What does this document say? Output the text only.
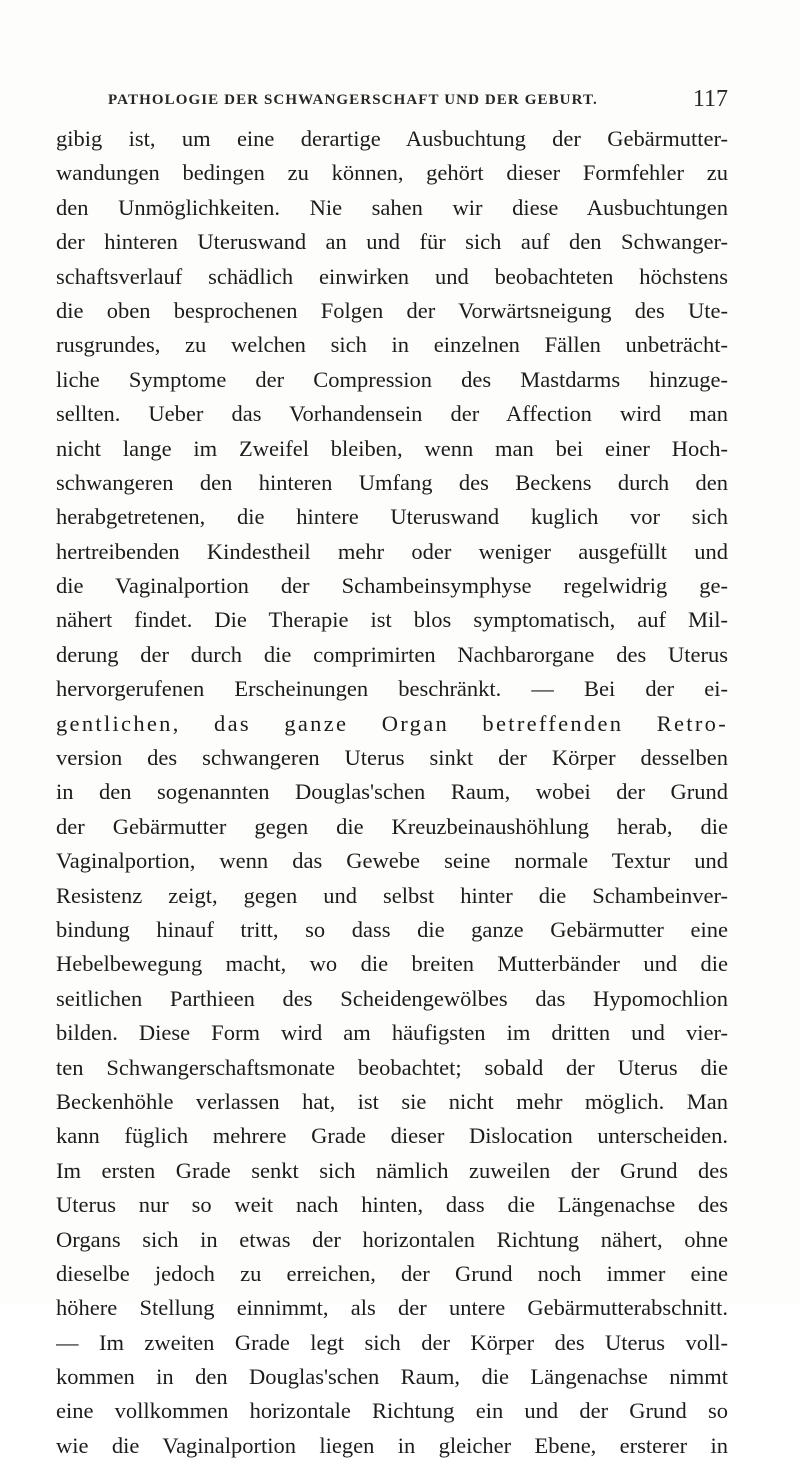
PATHOLOGIE DER SCHWANGERSCHAFT UND DER GEBURT.	117
gibig ist, um eine derartige Ausbuchtung der Gebärmutter-
wandungen bedingen zu können, gehört dieser Formfehler zu
den Unmöglichkeiten. Nie sahen wir diese Ausbuchtungen
der hinteren Uteruswand an und für sich auf den Schwanger-
schaftsverlauf schädlich einwirken und beobachteten höchstens
die oben besprochenen Folgen der Vorwärtsneigung des Ute-
rusgrundes, zu welchen sich in einzelnen Fällen unbeträcht-
liche Symptome der Compression des Mastdarms hinzuge-
sellten. Ueber das Vorhandensein der Affection wird man
nicht lange im Zweifel bleiben, wenn man bei einer Hoch-
schwangeren den hinteren Umfang des Beckens durch den
herabgetretenen, die hintere Uteruswand kuglich vor sich
hertreibenden Kindestheil mehr oder weniger ausgefüllt und
die Vaginalportion der Schambeinsymphyse regelwidrig ge-
nähert findet. Die Therapie ist blos symptomatisch, auf Mil-
derung der durch die comprimirten Nachbarorgane des Uterus
hervorgerufenen Erscheinungen beschränkt. — Bei der ei-
gentlichen, das ganze Organ betreffenden Retro-
version des schwangeren Uterus sinkt der Körper desselben
in den sogenannten Douglas'schen Raum, wobei der Grund
der Gebärmutter gegen die Kreuzbeinaushöhlung herab, die
Vaginalportion, wenn das Gewebe seine normale Textur und
Resistenz zeigt, gegen und selbst hinter die Schambeinver-
bindung hinauf tritt, so dass die ganze Gebärmutter eine
Hebelbewegung macht, wo die breiten Mutterbänder und die
seitlichen Parthieen des Scheidengewölbes das Hypomochlion
bilden. Diese Form wird am häufigsten im dritten und vier-
ten Schwangerschaftsmonate beobachtet; sobald der Uterus die
Beckenhöhle verlassen hat, ist sie nicht mehr möglich. Man
kann füglich mehrere Grade dieser Dislocation unterscheiden.
Im ersten Grade senkt sich nämlich zuweilen der Grund des
Uterus nur so weit nach hinten, dass die Längenachse des
Organs sich in etwas der horizontalen Richtung nähert, ohne
dieselbe jedoch zu erreichen, der Grund noch immer eine
höhere Stellung einnimmt, als der untere Gebärmutterabschnitt.
— Im zweiten Grade legt sich der Körper des Uterus voll-
kommen in den Douglas'schen Raum, die Längenachse nimmt
eine vollkommen horizontale Richtung ein und der Grund so
wie die Vaginalportion liegen in gleicher Ebene, ersterer in
